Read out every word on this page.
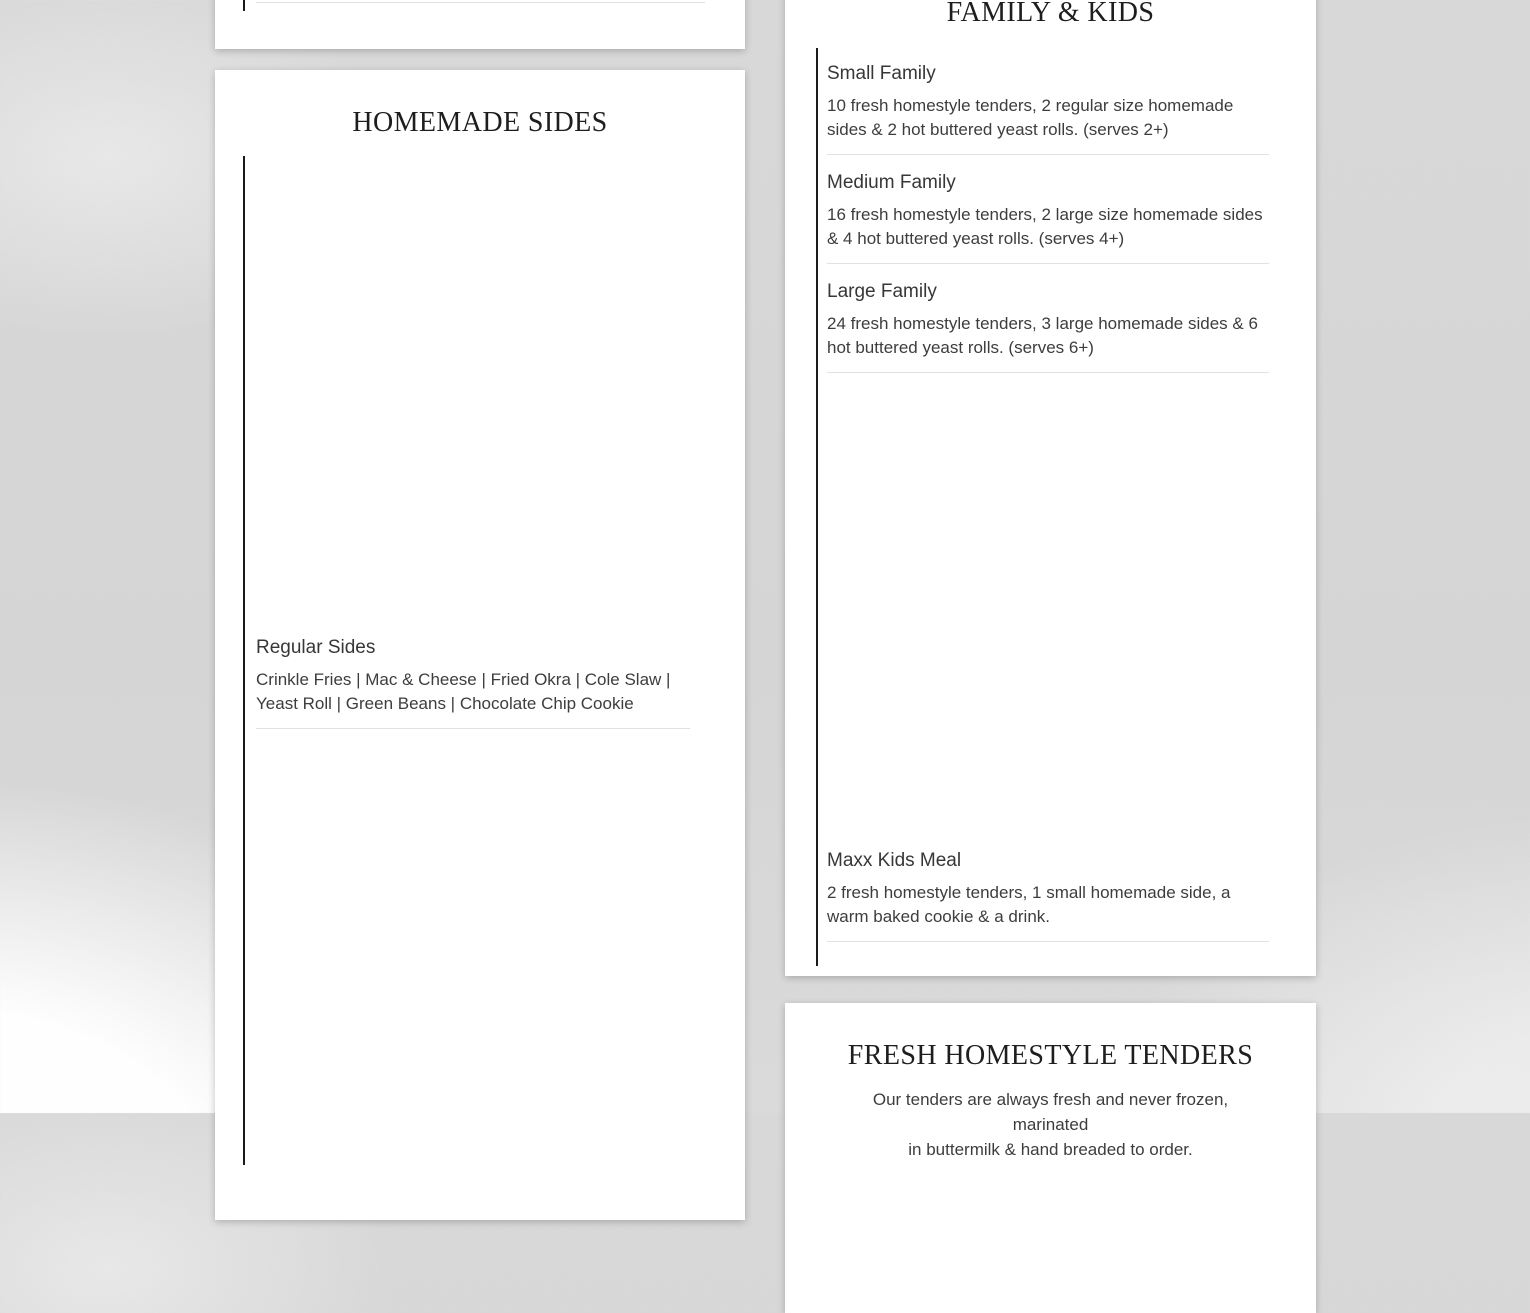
HOMEMADE SIDES
Regular Sides
Crinkle Fries | Mac & Cheese | Fried Okra | Cole Slaw | Yeast Roll | Green Beans | Chocolate Chip Cookie
FAMILY & KIDS
Small Family
10 fresh homestyle tenders, 2 regular size homemade sides & 2 hot buttered yeast rolls. (serves 2+)
Medium Family
16 fresh homestyle tenders, 2 large size homemade sides & 4 hot buttered yeast rolls. (serves 4+)
Large Family
24 fresh homestyle tenders, 3 large homemade sides & 6 hot buttered yeast rolls. (serves 6+)
Maxx Kids Meal
2 fresh homestyle tenders, 1 small homemade side, a warm baked cookie & a drink.
FRESH HOMESTYLE TENDERS

Our tenders are always fresh and never frozen, marinated
in buttermilk & hand breaded to order.
